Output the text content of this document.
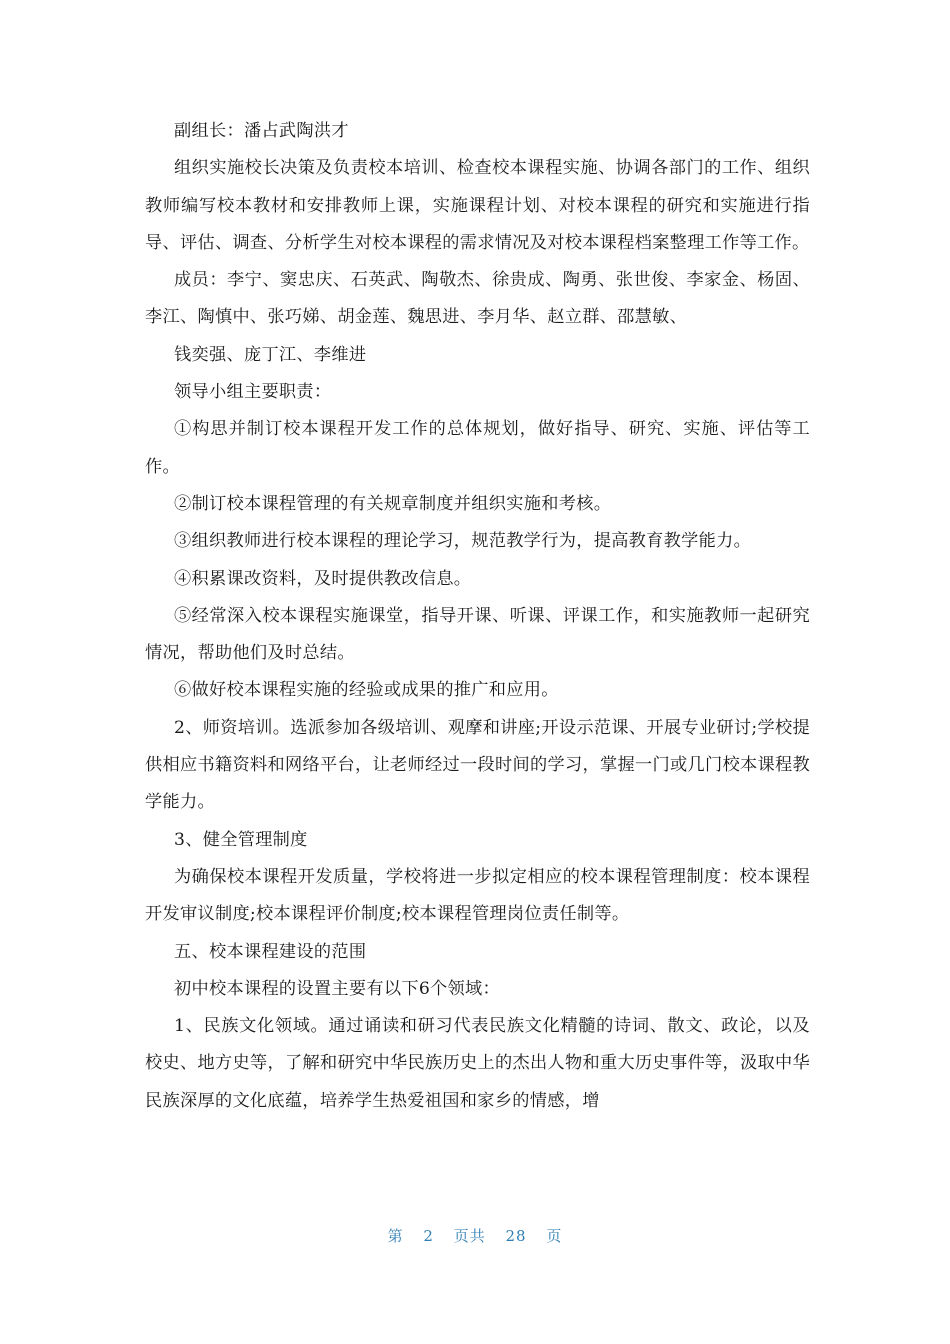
副组长：潘占武陶洪才

组织实施校长决策及负责校本培训、检查校本课程实施、协调各部门的工作、组织教师编写校本教材和安排教师上课，实施课程计划、对校本课程的研究和实施进行指导、评估、调查、分析学生对校本课程的需求情况及对校本课程档案整理工作等工作。

成员：李宁、窦忠庆、石英武、陶敬杰、徐贵成、陶勇、张世俊、李家金、杨固、李江、陶慎中、张巧娣、胡金莲、魏思进、李月华、赵立群、邵慧敏、

钱奕强、庞丁江、李维进

领导小组主要职责：

①构思并制订校本课程开发工作的总体规划，做好指导、研究、实施、评估等工作。

②制订校本课程管理的有关规章制度并组织实施和考核。

③组织教师进行校本课程的理论学习，规范教学行为，提高教育教学能力。

④积累课改资料，及时提供教改信息。

⑤经常深入校本课程实施课堂，指导开课、听课、评课工作，和实施教师一起研究情况，帮助他们及时总结。

⑥做好校本课程实施的经验或成果的推广和应用。

2、师资培训。选派参加各级培训、观摩和讲座;开设示范课、开展专业研讨;学校提供相应书籍资料和网络平台，让老师经过一段时间的学习，掌握一门或几门校本课程教学能力。

3、健全管理制度

为确保校本课程开发质量，学校将进一步拟定相应的校本课程管理制度：校本课程开发审议制度;校本课程评价制度;校本课程管理岗位责任制等。

五、校本课程建设的范围

初中校本课程的设置主要有以下6个领域：

1、民族文化领域。通过诵读和研习代表民族文化精髓的诗词、散文、政论，以及校史、地方史等，了解和研究中华民族历史上的杰出人物和重大历史事件等，汲取中华民族深厚的文化底蕴，培养学生热爱祖国和家乡的情感，增

第 2 页共 28 页
